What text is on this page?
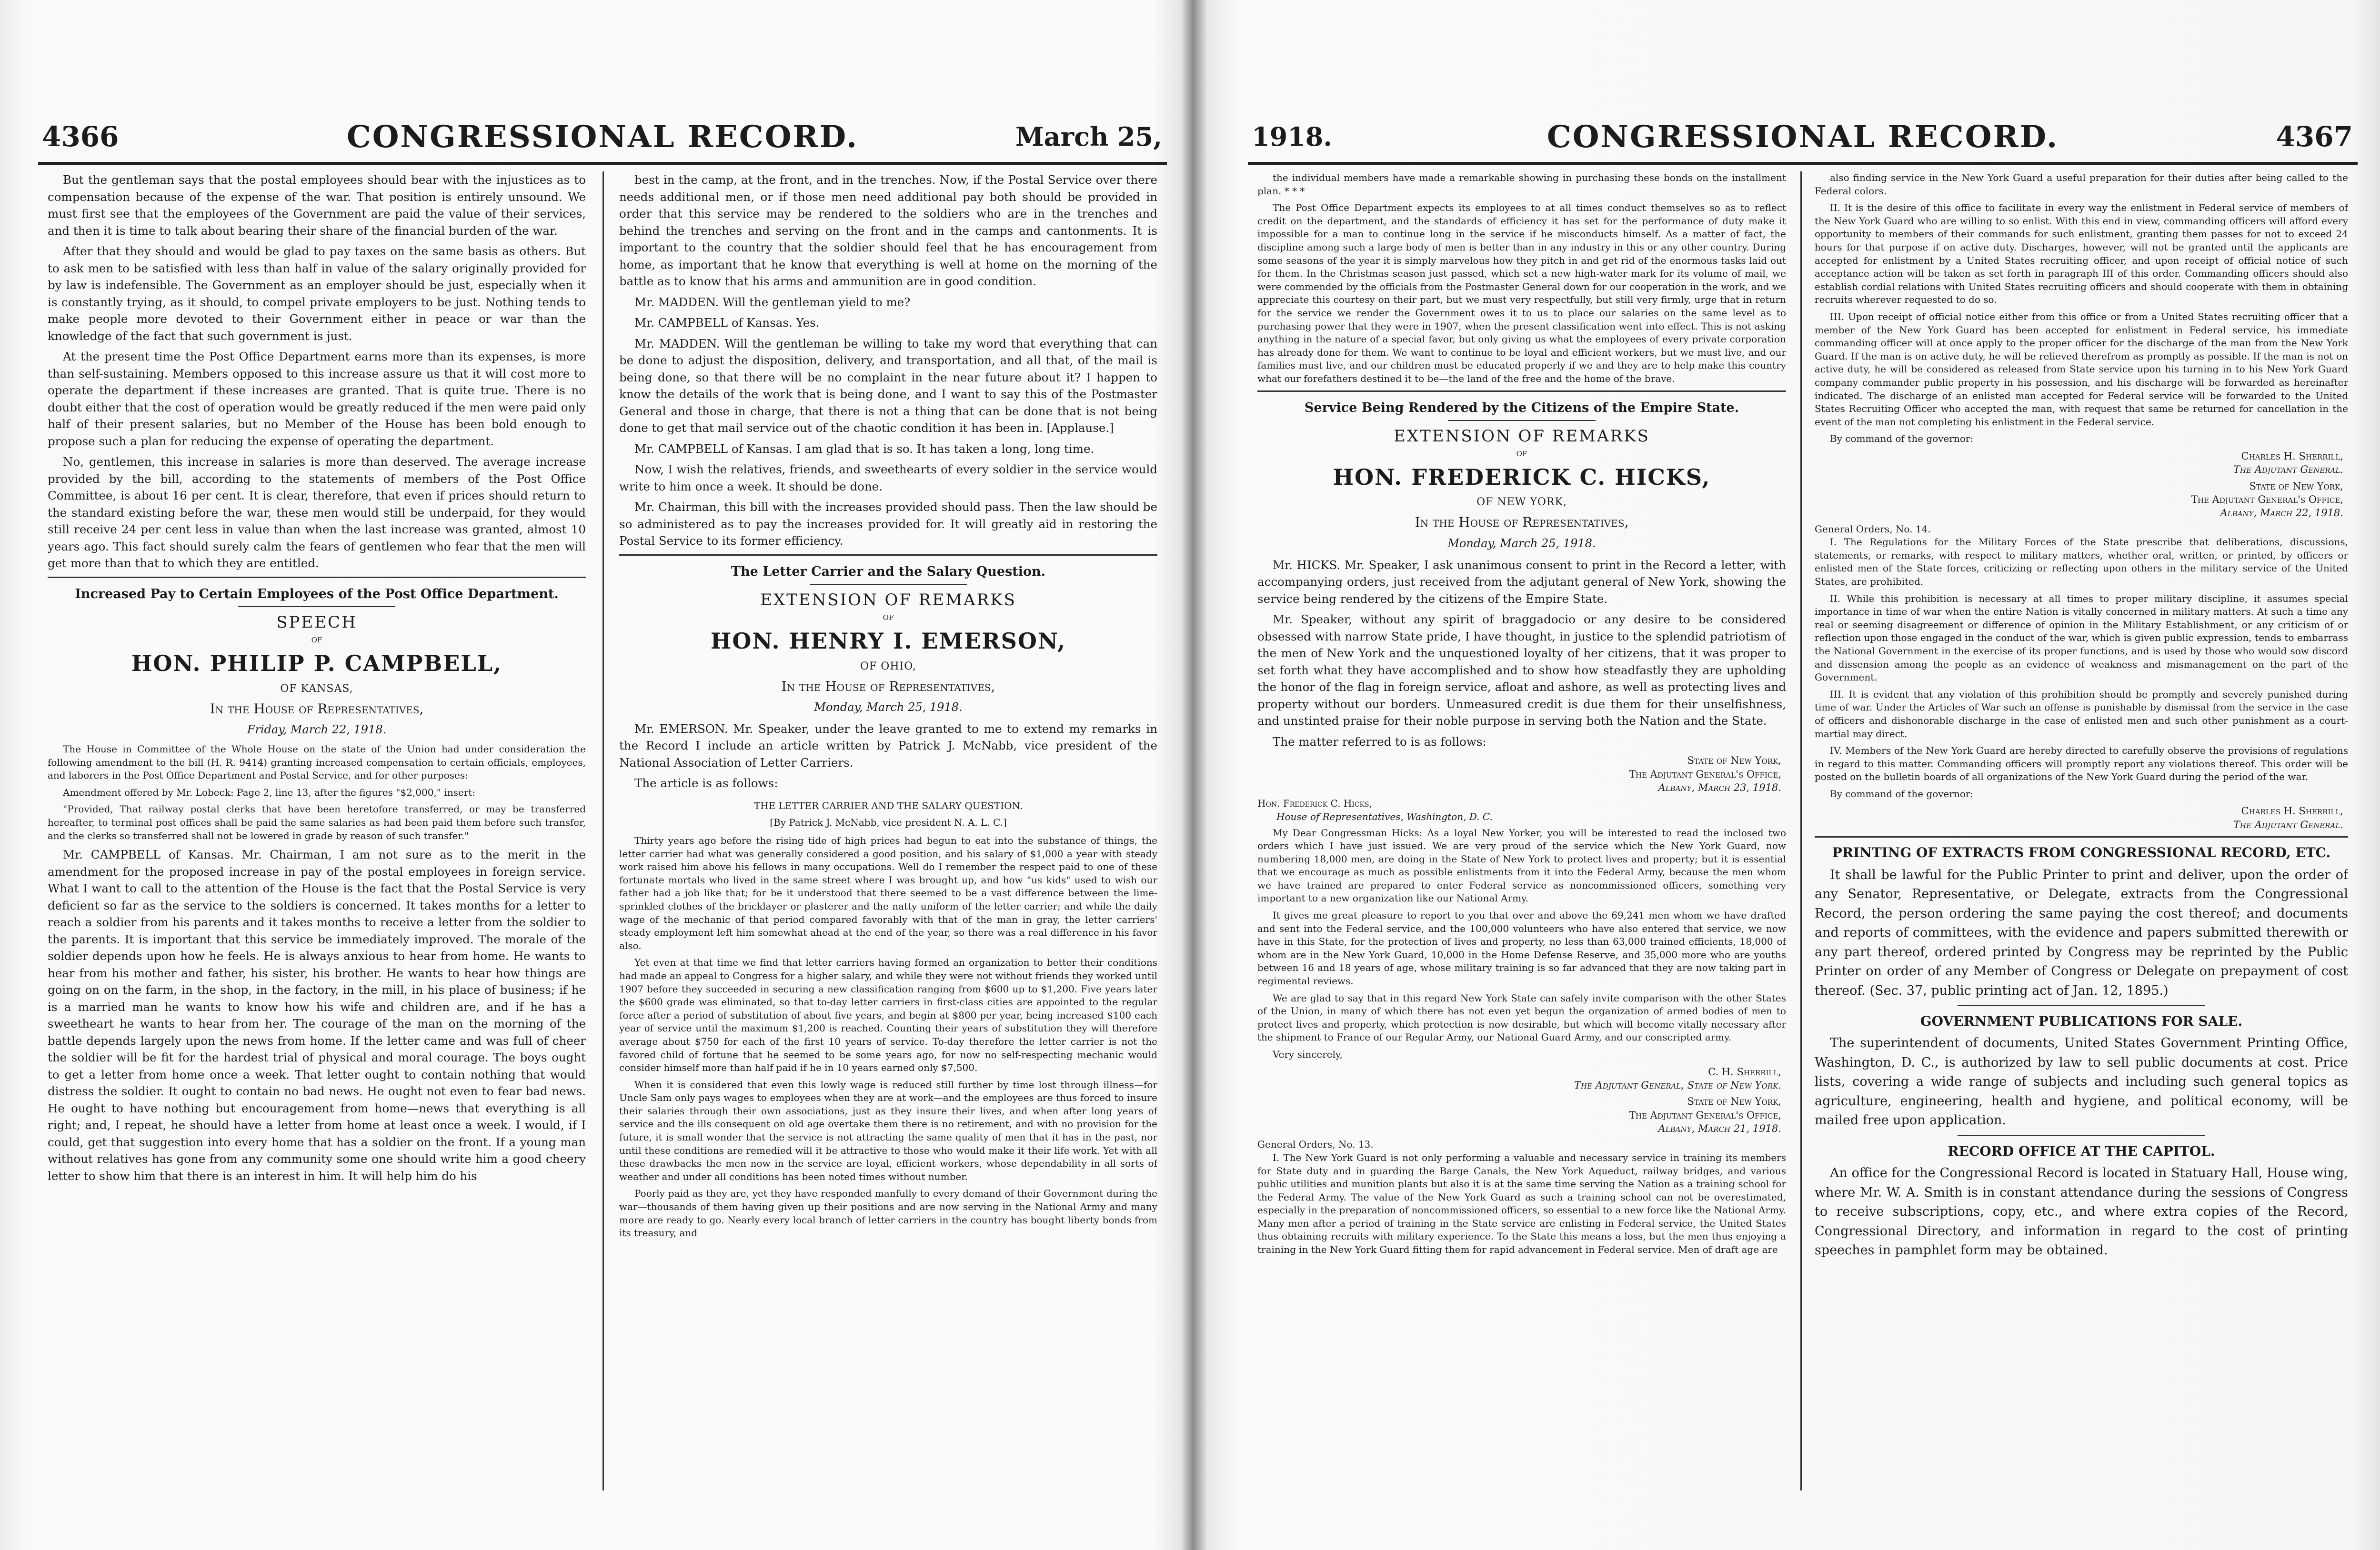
4366	CONGRESSIONAL RECORD.	March 25,

But the gentleman says that the postal employees should bear with the injustices as to compensation because of the expense of the war. That position is entirely unsound. We must first see that the employees of the Government are paid the value of their services, and then it is time to talk about bearing their share of the financial burden of the war.

After that they should and would be glad to pay taxes on the same basis as others. But to ask men to be satisfied with less than half in value of the salary originally provided for by law is indefensible. The Government as an employer should be just, especially when it is constantly trying, as it should, to compel private employers to be just. Nothing tends to make people more devoted to their Government either in peace or war than the knowledge of the fact that such government is just.

At the present time the Post Office Department earns more than its expenses, is more than self-sustaining. Members opposed to this increase assure us that it will cost more to operate the department if these increases are granted. That is quite true. There is no doubt either that the cost of operation would be greatly reduced if the men were paid only half of their present salaries, but no Member of the House has been bold enough to propose such a plan for reducing the expense of operating the department.

No, gentlemen, this increase in salaries is more than deserved. The average increase provided by the bill, according to the statements of members of the Post Office Committee, is about 16 per cent. It is clear, therefore, that even if prices should return to the standard existing before the war, these men would still be underpaid, for they would still receive 24 per cent less in value than when the last increase was granted, almost 10 years ago. This fact should surely calm the fears of gentlemen who fear that the men will get more than that to which they are entitled.

Increased Pay to Certain Employees of the Post Office Department.
SPEECH
OF
HON. PHILIP P. CAMPBELL,
OF KANSAS,
In the House of Representatives,
Friday, March 22, 1918.

The House in Committee of the Whole House on the state of the Union had under consideration the following amendment to the bill (H. R. 9414) granting increased compensation to certain officials, employees, and laborers in the Post Office Department and Postal Service, and for other purposes:

Amendment offered by Mr. Lobeck: Page 2, line 13, after the figures "$2,000," insert:

"Provided, That railway postal clerks that have been heretofore transferred, or may be transferred hereafter, to terminal post offices shall be paid the same salaries as had been paid them before such transfer, and the clerks so transferred shall not be lowered in grade by reason of such transfer."

Mr. CAMPBELL of Kansas. Mr. Chairman, I am not sure as to the merit in the amendment for the proposed increase in pay of the postal employees in foreign service. What I want to call to the attention of the House is the fact that the Postal Service is very deficient so far as the service to the soldiers is concerned. It takes months for a letter to reach a soldier from his parents and it takes months to receive a letter from the soldier to the parents. It is important that this service be immediately improved. The morale of the soldier depends upon how he feels. He is always anxious to hear from home. He wants to hear from his mother and father, his sister, his brother. He wants to hear how things are going on on the farm, in the shop, in the factory, in the mill, in his place of business; if he is a married man he wants to know how his wife and children are, and if he has a sweetheart he wants to hear from her. The courage of the man on the morning of the battle depends largely upon the news from home. If the letter came and was full of cheer the soldier will be fit for the hardest trial of physical and moral courage. The boys ought to get a letter from home once a week. That letter ought to contain nothing that would distress the soldier. It ought to contain no bad news. He ought not even to fear bad news. He ought to have nothing but encouragement from home—news that everything is all right; and, I repeat, he should have a letter from home at least once a week. I would, if I could, get that suggestion into every home that has a soldier on the front. If a young man without relatives has gone from any community some one should write him a good cheery letter to show him that there is an interest in him. It will help him do his

best in the camp, at the front, and in the trenches. Now, if the Postal Service over there needs additional men, or if those men need additional pay both should be provided in order that this service may be rendered to the soldiers who are in the trenches and behind the trenches and serving on the front and in the camps and cantonments. It is important to the country that the soldier should feel that he has encouragement from home, as important that he know that everything is well at home on the morning of the battle as to know that his arms and ammunition are in good condition.

Mr. MADDEN. Will the gentleman yield to me?

Mr. CAMPBELL of Kansas. Yes.

Mr. MADDEN. Will the gentleman be willing to take my word that everything that can be done to adjust the disposition, delivery, and transportation, and all that, of the mail is being done, so that there will be no complaint in the near future about it? I happen to know the details of the work that is being done, and I want to say this of the Postmaster General and those in charge, that there is not a thing that can be done that is not being done to get that mail service out of the chaotic condition it has been in. [Applause.]

Mr. CAMPBELL of Kansas. I am glad that is so. It has taken a long, long time.

Now, I wish the relatives, friends, and sweethearts of every soldier in the service would write to him once a week. It should be done.

Mr. Chairman, this bill with the increases provided should pass. Then the law should be so administered as to pay the increases provided for. It will greatly aid in restoring the Postal Service to its former efficiency.

The Letter Carrier and the Salary Question.
EXTENSION OF REMARKS
OF
HON. HENRY I. EMERSON,
OF OHIO,
In the House of Representatives,
Monday, March 25, 1918.

Mr. EMERSON. Mr. Speaker, under the leave granted to me to extend my remarks in the Record I include an article written by Patrick J. McNabb, vice president of the National Association of Letter Carriers.

The article is as follows:

THE LETTER CARRIER AND THE SALARY QUESTION.
[By Patrick J. McNabb, vice president N. A. L. C.]

Thirty years ago before the rising tide of high prices had begun to eat into the substance of things, the letter carrier had what was generally considered a good position, and his salary of $1,000 a year with steady work raised him above his fellows in many occupations. Well do I remember the respect paid to one of these fortunate mortals who lived in the same street where I was brought up, and how "us kids" used to wish our father had a job like that; for be it understood that there seemed to be a vast difference between the lime-sprinkled clothes of the bricklayer or plasterer and the natty uniform of the letter carrier; and while the daily wage of the mechanic of that period compared favorably with that of the man in gray, the letter carriers' steady employment left him somewhat ahead at the end of the year, so there was a real difference in his favor also.

Yet even at that time we find that letter carriers having formed an organization to better their conditions had made an appeal to Congress for a higher salary, and while they were not without friends they worked until 1907 before they succeeded in securing a new classification ranging from $600 up to $1,200. Five years later the $600 grade was eliminated, so that to-day letter carriers in first-class cities are appointed to the regular force after a period of substitution of about five years, and begin at $800 per year, being increased $100 each year of service until the maximum $1,200 is reached. Counting their years of substitution they will therefore average about $750 for each of the first 10 years of service. To-day therefore the letter carrier is not the favored child of fortune that he seemed to be some years ago, for now no self-respecting mechanic would consider himself more than half paid if he in 10 years earned only $7,500.

When it is considered that even this lowly wage is reduced still further by time lost through illness—for Uncle Sam only pays wages to employees when they are at work—and the employees are thus forced to insure their salaries through their own associations, just as they insure their lives, and when after long years of service and the ills consequent on old age overtake them there is no retirement, and with no provision for the future, it is small wonder that the service is not attracting the same quality of men that it has in the past, nor until these conditions are remedied will it be attractive to those who would make it their life work. Yet with all these drawbacks the men now in the service are loyal, efficient workers, whose dependability in all sorts of weather and under all conditions has been noted times without number.

Poorly paid as they are, yet they have responded manfully to every demand of their Government during the war—thousands of them having given up their positions and are now serving in the National Army and many more are ready to go. Nearly every local branch of letter carriers in the country has bought liberty bonds from its treasury, and

1918.	CONGRESSIONAL RECORD.	4367

the individual members have made a remarkable showing in purchasing these bonds on the installment plan. * * *

The Post Office Department expects its employees to at all times conduct themselves so as to reflect credit on the department, and the standards of efficiency it has set for the performance of duty make it impossible for a man to continue long in the service if he misconducts himself. As a matter of fact, the discipline among such a large body of men is better than in any industry in this or any other country. During some seasons of the year it is simply marvelous how they pitch in and get rid of the enormous tasks laid out for them. In the Christmas season just passed, which set a new high-water mark for its volume of mail, we were commended by the officials from the Postmaster General down for our cooperation in the work, and we appreciate this courtesy on their part, but we must very respectfully, but still very firmly, urge that in return for the service we render the Government owes it to us to place our salaries on the same level as to purchasing power that they were in 1907, when the present classification went into effect. This is not asking anything in the nature of a special favor, but only giving us what the employees of every private corporation has already done for them. We want to continue to be loyal and efficient workers, but we must live, and our families must live, and our children must be educated properly if we and they are to help make this country what our forefathers destined it to be—the land of the free and the home of the brave.

Service Being Rendered by the Citizens of the Empire State.
EXTENSION OF REMARKS
OF
HON. FREDERICK C. HICKS,
OF NEW YORK,
In the House of Representatives,
Monday, March 25, 1918.

Mr. HICKS. Mr. Speaker, I ask unanimous consent to print in the Record a letter, with accompanying orders, just received from the adjutant general of New York, showing the service being rendered by the citizens of the Empire State.

Mr. Speaker, without any spirit of braggadocio or any desire to be considered obsessed with narrow State pride, I have thought, in justice to the splendid patriotism of the men of New York and the unquestioned loyalty of her citizens, that it was proper to set forth what they have accomplished and to show how steadfastly they are upholding the honor of the flag in foreign service, afloat and ashore, as well as protecting lives and property without our borders. Unmeasured credit is due them for their unselfishness, and unstinted praise for their noble purpose in serving both the Nation and the State.

The matter referred to is as follows:

State of New York,
The Adjutant General's Office,
Albany, March 23, 1918.
Hon. Frederick C. Hicks,
House of Representatives, Washington, D. C.

My Dear Congressman Hicks: As a loyal New Yorker, you will be interested to read the inclosed two orders which I have just issued. We are very proud of the service which the New York Guard, now numbering 18,000 men, are doing in the State of New York to protect lives and property; but it is essential that we encourage as much as possible enlistments from it into the Federal Army, because the men whom we have trained are prepared to enter Federal service as noncommissioned officers, something very important to a new organization like our National Army.

It gives me great pleasure to report to you that over and above the 69,241 men whom we have drafted and sent into the Federal service, and the 100,000 volunteers who have also entered that service, we now have in this State, for the protection of lives and property, no less than 63,000 trained efficients, 18,000 of whom are in the New York Guard, 10,000 in the Home Defense Reserve, and 35,000 more who are youths between 16 and 18 years of age, whose military training is so far advanced that they are now taking part in regimental reviews.

We are glad to say that in this regard New York State can safely invite comparison with the other States of the Union, in many of which there has not even yet begun the organization of armed bodies of men to protect lives and property, which protection is now desirable, but which will become vitally necessary after the shipment to France of our Regular Army, our National Guard Army, and our conscripted army.

Very sincerely,

C. H. Sherrill,
The Adjutant General, State of New York.
State of New York,
The Adjutant General's Office,
Albany, March 21, 1918.
General Orders, No. 13.

I. The New York Guard is not only performing a valuable and necessary service in training its members for State duty and in guarding the Barge Canals, the New York Aqueduct, railway bridges, and various public utilities and munition plants but also it is at the same time serving the Nation as a training school for the Federal Army. The value of the New York Guard as such a training school can not be overestimated, especially in the preparation of noncommissioned officers, so essential to a new force like the National Army. Many men after a period of training in the State service are enlisting in Federal service, the United States thus obtaining recruits with military experience. To the State this means a loss, but the men thus enjoying a training in the New York Guard fitting them for rapid advancement in Federal service. Men of draft age are

also finding service in the New York Guard a useful preparation for their duties after being called to the Federal colors.

II. It is the desire of this office to facilitate in every way the enlistment in Federal service of members of the New York Guard who are willing to so enlist. With this end in view, commanding officers will afford every opportunity to members of their commands for such enlistment, granting them passes for not to exceed 24 hours for that purpose if on active duty. Discharges, however, will not be granted until the applicants are accepted for enlistment by a United States recruiting officer, and upon receipt of official notice of such acceptance action will be taken as set forth in paragraph III of this order. Commanding officers should also establish cordial relations with United States recruiting officers and should cooperate with them in obtaining recruits wherever requested to do so.

III. Upon receipt of official notice either from this office or from a United States recruiting officer that a member of the New York Guard has been accepted for enlistment in Federal service, his immediate commanding officer will at once apply to the proper officer for the discharge of the man from the New York Guard. If the man is on active duty, he will be relieved therefrom as promptly as possible. If the man is not on active duty, he will be considered as released from State service upon his turning in to his New York Guard company commander public property in his possession, and his discharge will be forwarded as hereinafter indicated. The discharge of an enlisted man accepted for Federal service will be forwarded to the United States Recruiting Officer who accepted the man, with request that same be returned for cancellation in the event of the man not completing his enlistment in the Federal service.

By command of the governor:

Charles H. Sherrill,
The Adjutant General.
State of New York,
The Adjutant General's Office,
Albany, March 22, 1918.
General Orders, No. 14.

I. The Regulations for the Military Forces of the State prescribe that deliberations, discussions, statements, or remarks, with respect to military matters, whether oral, written, or printed, by officers or enlisted men of the State forces, criticizing or reflecting upon others in the military service of the United States, are prohibited.

II. While this prohibition is necessary at all times to proper military discipline, it assumes special importance in time of war when the entire Nation is vitally concerned in military matters. At such a time any real or seeming disagreement or difference of opinion in the Military Establishment, or any criticism of or reflection upon those engaged in the conduct of the war, which is given public expression, tends to embarrass the National Government in the exercise of its proper functions, and is used by those who would sow discord and dissension among the people as an evidence of weakness and mismanagement on the part of the Government.

III. It is evident that any violation of this prohibition should be promptly and severely punished during time of war. Under the Articles of War such an offense is punishable by dismissal from the service in the case of officers and dishonorable discharge in the case of enlisted men and such other punishment as a court-martial may direct.

IV. Members of the New York Guard are hereby directed to carefully observe the provisions of regulations in regard to this matter. Commanding officers will promptly report any violations thereof. This order will be posted on the bulletin boards of all organizations of the New York Guard during the period of the war.

By command of the governor:

Charles H. Sherrill,
The Adjutant General.
PRINTING OF EXTRACTS FROM CONGRESSIONAL RECORD, ETC.

It shall be lawful for the Public Printer to print and deliver, upon the order of any Senator, Representative, or Delegate, extracts from the Congressional Record, the person ordering the same paying the cost thereof; and documents and reports of committees, with the evidence and papers submitted therewith or any part thereof, ordered printed by Congress may be reprinted by the Public Printer on order of any Member of Congress or Delegate on prepayment of cost thereof. (Sec. 37, public printing act of Jan. 12, 1895.)

GOVERNMENT PUBLICATIONS FOR SALE.

The superintendent of documents, United States Government Printing Office, Washington, D. C., is authorized by law to sell public documents at cost. Price lists, covering a wide range of subjects and including such general topics as agriculture, engineering, health and hygiene, and political economy, will be mailed free upon application.

RECORD OFFICE AT THE CAPITOL.

An office for the Congressional Record is located in Statuary Hall, House wing, where Mr. W. A. Smith is in constant attendance during the sessions of Congress to receive subscriptions, copy, etc., and where extra copies of the Record, Congressional Directory, and information in regard to the cost of printing speeches in pamphlet form may be obtained.
